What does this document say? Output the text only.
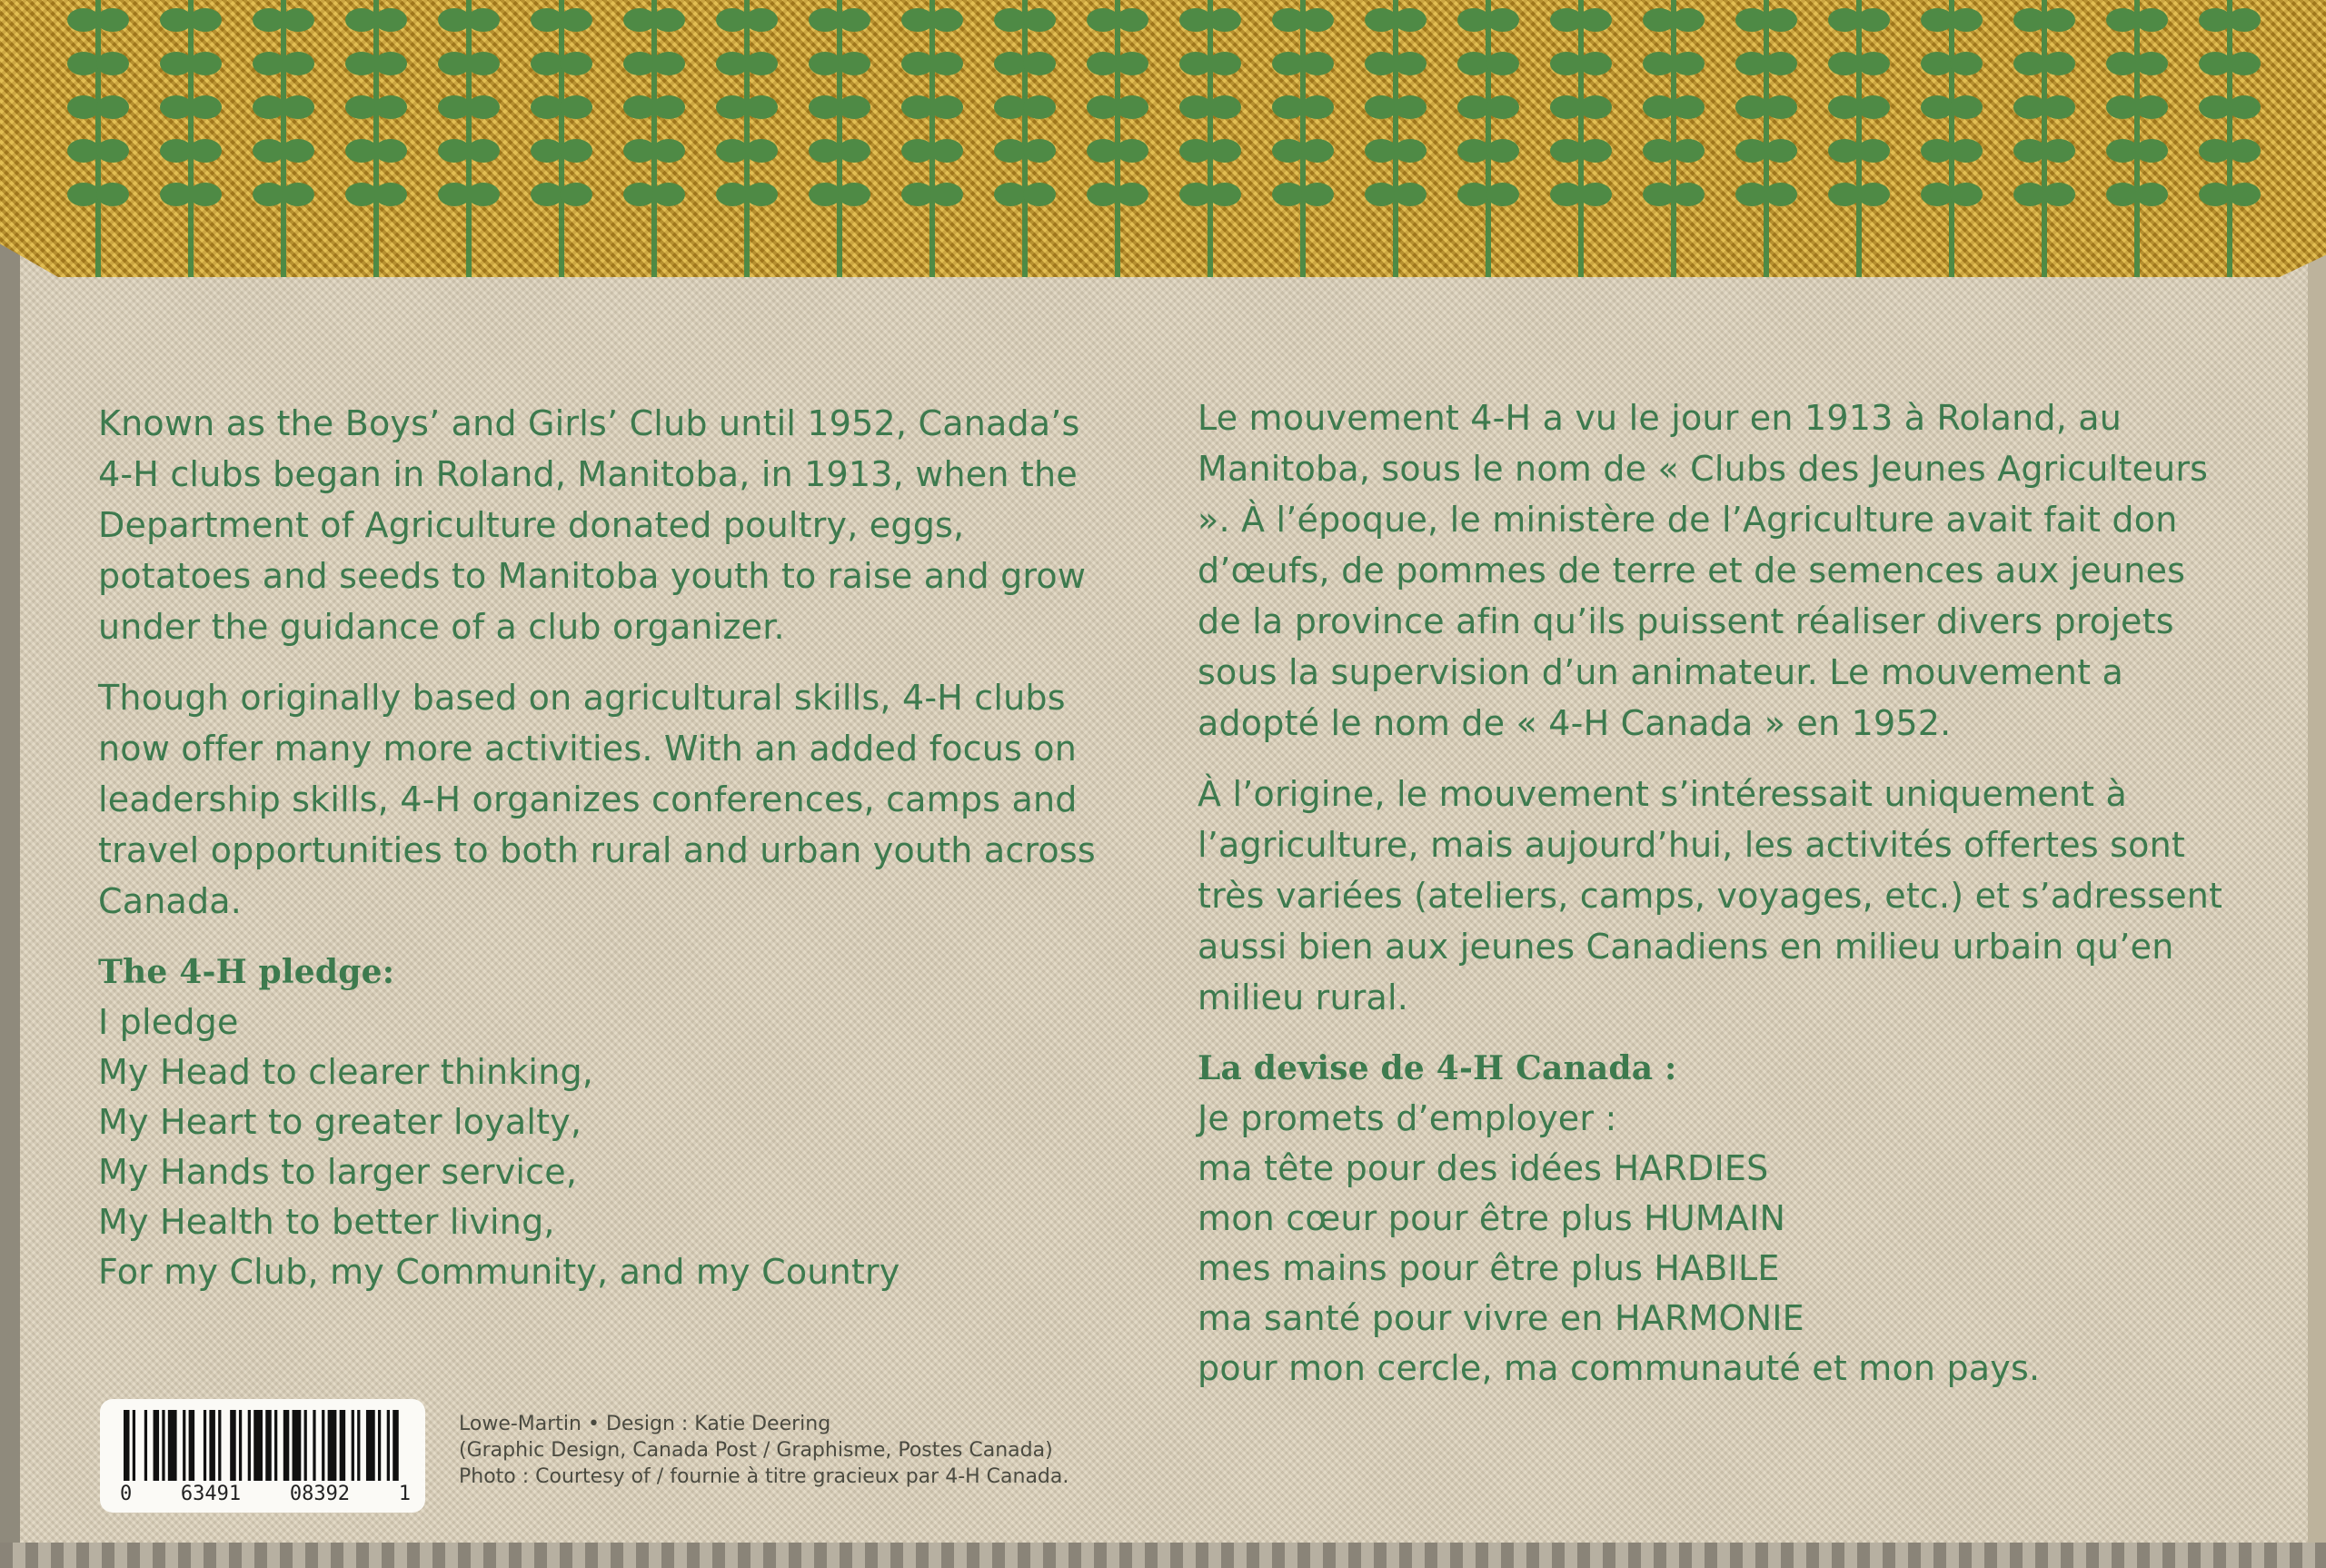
Known as the Boys’ and Girls’ Club until 1952, Canada’s 4-H clubs began in Roland, Manitoba, in 1913, when the Department of Agriculture donated poultry, eggs, potatoes and seeds to Manitoba youth to raise and grow under the guidance of a club organizer.

Though originally based on agricultural skills, 4-H clubs now offer many more activities. With an added focus on leadership skills, 4-H organizes conferences, camps and travel opportunities to both rural and urban youth across Canada.

The 4-H pledge:
I pledge
My Head to clearer thinking,
My Heart to greater loyalty,
My Hands to larger service,
My Health to better living,
For my Club, my Community, and my Country

Le mouvement 4-H a vu le jour en 1913 à Roland, au Manitoba, sous le nom de « Clubs des Jeunes Agriculteurs ». À l’époque, le ministère de l’Agriculture avait fait don d’œufs, de pommes de terre et de semences aux jeunes de la province afin qu’ils puissent réaliser divers projets sous la supervision d’un animateur. Le mouvement a adopté le nom de « 4-H Canada » en 1952.

À l’origine, le mouvement s’intéressait uniquement à l’agriculture, mais aujourd’hui, les activités offertes sont très variées (ateliers, camps, voyages, etc.) et s’adressent aussi bien aux jeunes Canadiens en milieu urbain qu’en milieu rural.

La devise de 4-H Canada :
Je promets d’employer :
ma tête pour des idées HARDIES
mon cœur pour être plus HUMAIN
mes mains pour être plus HABILE
ma santé pour vivre en HARMONIE
pour mon cercle, ma communauté et mon pays.
0 63491 08392 1
Lowe-Martin • Design : Katie Deering
(Graphic Design, Canada Post / Graphisme, Postes Canada)
Photo : Courtesy of / fournie à titre gracieux par 4-H Canada.
